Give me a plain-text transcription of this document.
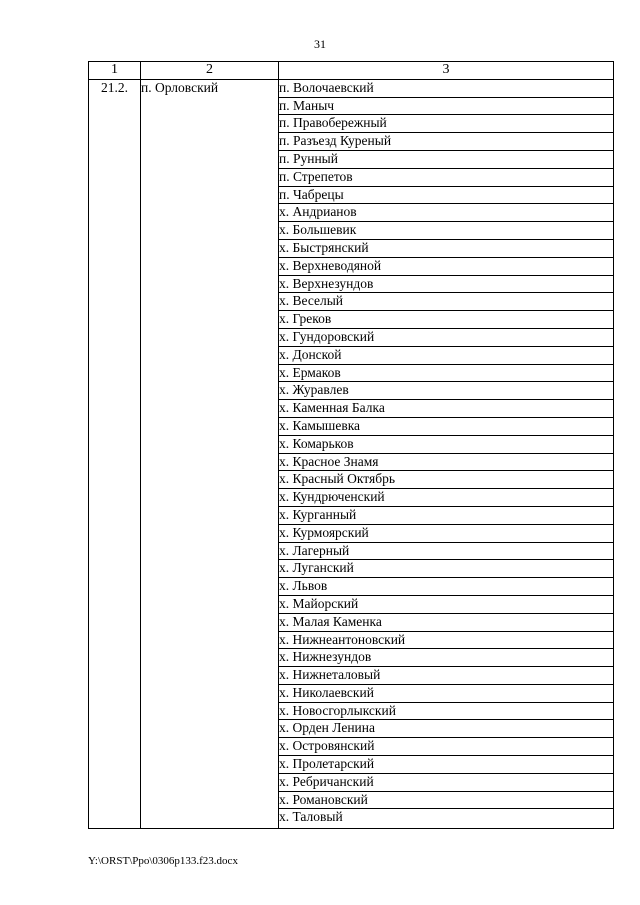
31
1	2	3
21.2.	п. Орловский	п. Волочаевский
		п. Маныч
		п. Правобережный
		п. Разъезд Куреный
		п. Рунный
		п. Стрепетов
		п. Чабрецы
		х. Андрианов
		х. Большевик
		х. Быстрянский
		х. Верхневодяной
		х. Верхнезундов
		х. Веселый
		х. Греков
		х. Гундоровский
		х. Донской
		х. Ермаков
		х. Журавлев
		х. Каменная Балка
		х. Камышевка
		х. Комарьков
		х. Красное Знамя
		х. Красный Октябрь
		х. Кундрюченский
		х. Курганный
		х. Курмоярский
		х. Лагерный
		х. Луганский
		х. Львов
		х. Майорский
		х. Малая Каменка
		х. Нижнеантоновский
		х. Нижнезундов
		х. Нижнеталовый
		х. Николаевский
		х. Новосгорлыкский
		х. Орден Ленина
		х. Островянский
		х. Пролетарский
		х. Ребричанский
		х. Романовский
		х. Таловый
Y:\ORST\Ppo\0306p133.f23.docx
